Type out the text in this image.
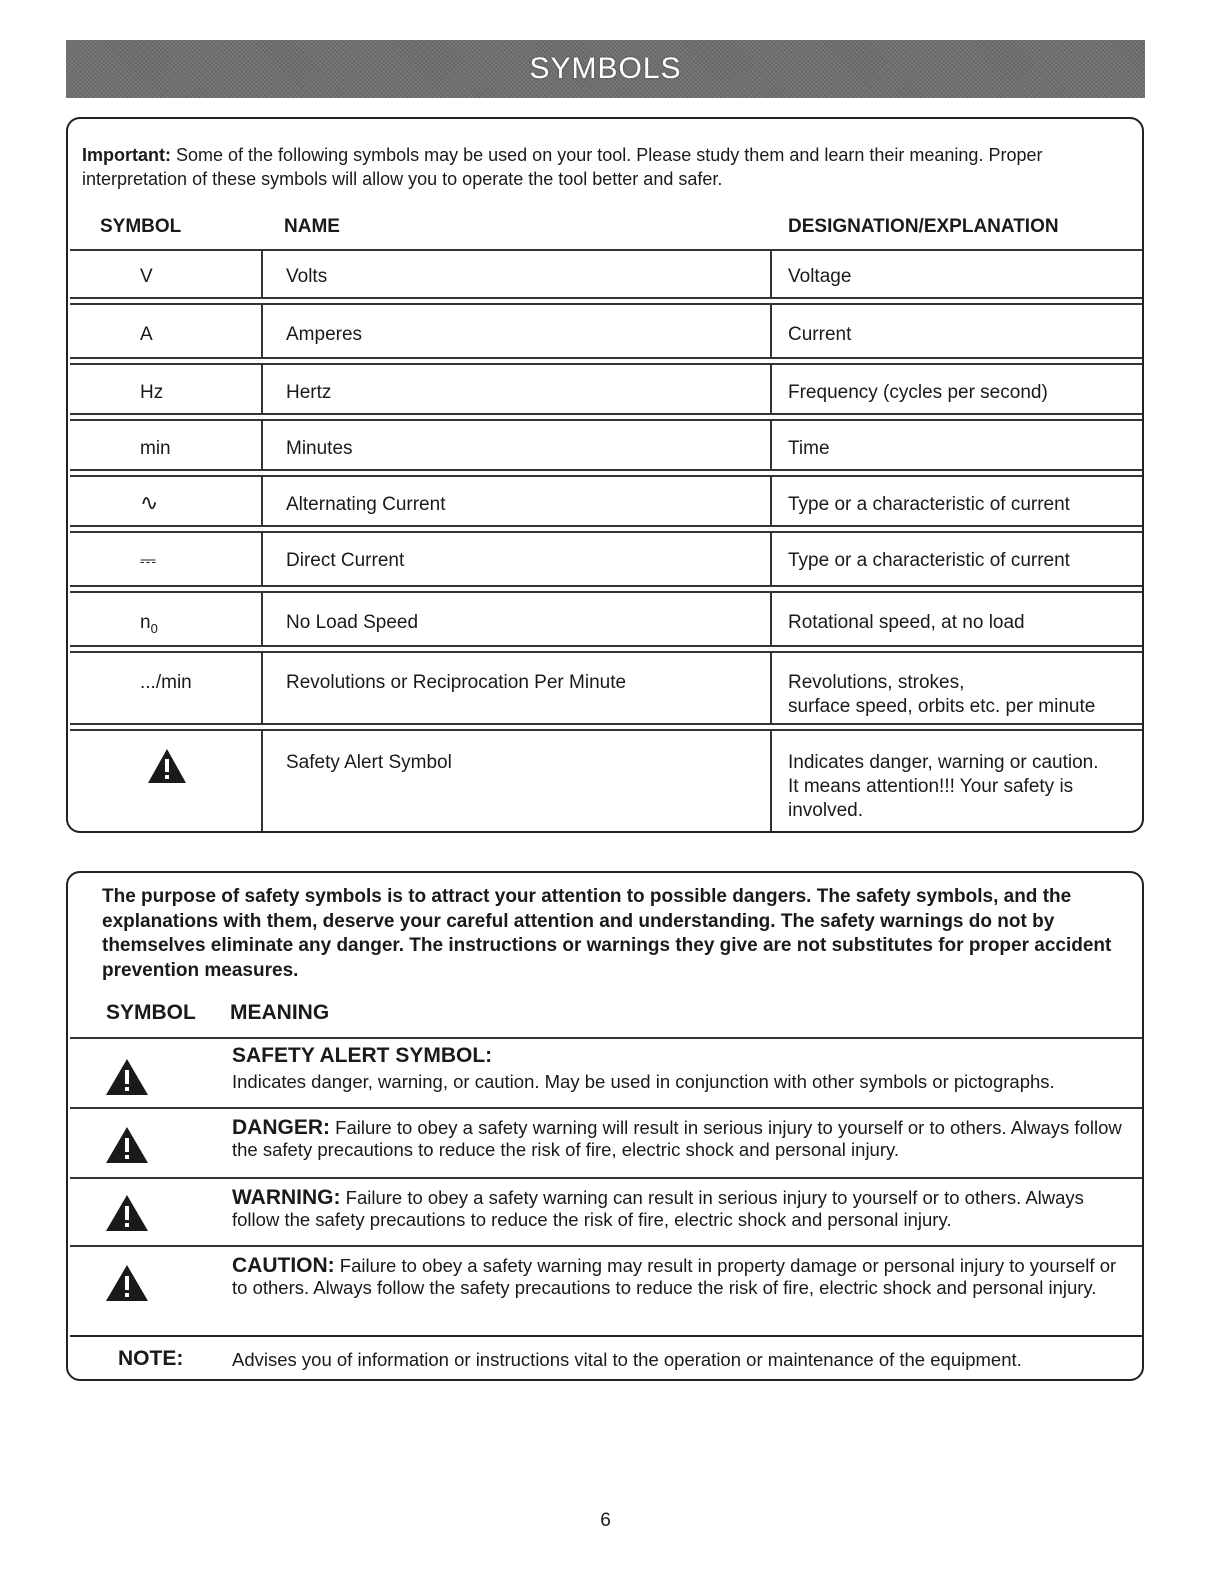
SYMBOLS
Important: Some of the following symbols may be used on your tool. Please study them and learn their meaning. Proper interpretation of these symbols will allow you to operate the tool better and safer.
SYMBOL	NAME	DESIGNATION/EXPLANATION
V	Volts	Voltage
A	Amperes	Current
Hz	Hertz	Frequency (cycles per second)
min	Minutes	Time
∿	Alternating Current	Type or a characteristic of current
⎓	Direct Current	Type or a characteristic of current
$n_0$	No Load Speed	Rotational speed, at no load
.../min	Revolutions or Reciprocation Per Minute	Revolutions, strokes,
surface speed, orbits etc. per minute
Safety Alert Symbol	Indicates danger, warning or caution.
It means attention!!! Your safety is
involved.
The purpose of safety symbols is to attract your attention to possible dangers. The safety symbols, and the explanations with them, deserve your careful attention and understanding. The safety warnings do not by themselves eliminate any danger. The instructions or warnings they give are not substitutes for proper accident prevention measures.
SYMBOL MEANING
SAFETY ALERT SYMBOL:
Indicates danger, warning, or caution. May be used in conjunction with other symbols or pictographs.
DANGER: Failure to obey a safety warning will result in serious injury to yourself or to others. Always follow the safety precautions to reduce the risk of fire, electric shock and personal injury.
WARNING: Failure to obey a safety warning can result in serious injury to yourself or to others. Always follow the safety precautions to reduce the risk of fire, electric shock and personal injury.
CAUTION: Failure to obey a safety warning may result in property damage or personal injury to yourself or to others. Always follow the safety precautions to reduce the risk of fire, electric shock and personal injury.
NOTE:	Advises you of information or instructions vital to the operation or maintenance of the equipment.
6
